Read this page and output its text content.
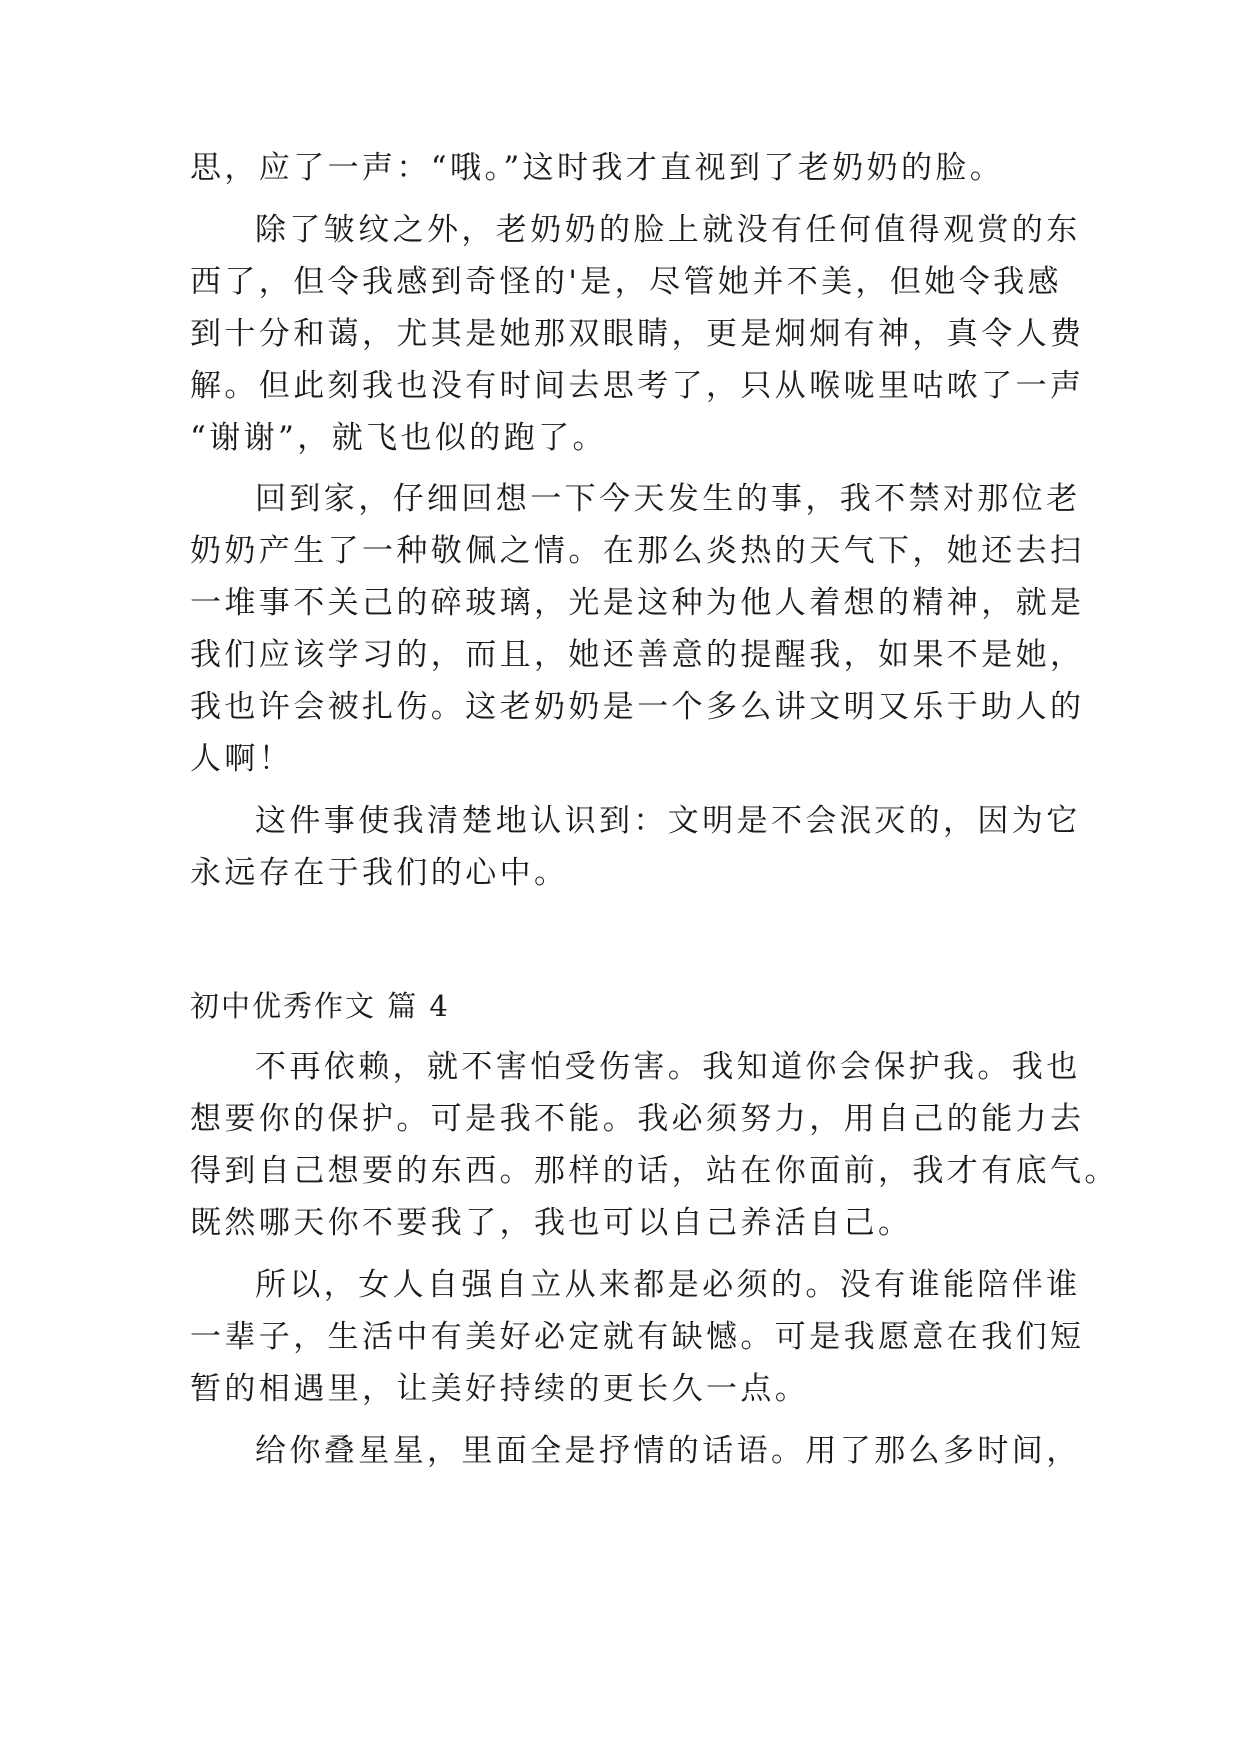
思，应了一声：“哦。”这时我才直视到了老奶奶的脸。
除了皱纹之外，老奶奶的脸上就没有任何值得观赏的东
西了，但令我感到奇怪的'是，尽管她并不美，但她令我感
到十分和蔼，尤其是她那双眼睛，更是炯炯有神，真令人费
解。但此刻我也没有时间去思考了，只从喉咙里咕哝了一声
“谢谢”，就飞也似的跑了。
回到家，仔细回想一下今天发生的事，我不禁对那位老
奶奶产生了一种敬佩之情。在那么炎热的天气下，她还去扫
一堆事不关己的碎玻璃，光是这种为他人着想的精神，就是
我们应该学习的，而且，她还善意的提醒我，如果不是她，
我也许会被扎伤。这老奶奶是一个多么讲文明又乐于助人的
人啊！
这件事使我清楚地认识到：文明是不会泯灭的，因为它
永远存在于我们的心中。
初中优秀作文 篇 4
不再依赖，就不害怕受伤害。我知道你会保护我。我也
想要你的保护。可是我不能。我必须努力，用自己的能力去
得到自己想要的东西。那样的话，站在你面前，我才有底气。
既然哪天你不要我了，我也可以自己养活自己。
所以，女人自强自立从来都是必须的。没有谁能陪伴谁
一辈子，生活中有美好必定就有缺憾。可是我愿意在我们短
暂的相遇里，让美好持续的更长久一点。
给你叠星星，里面全是抒情的话语。用了那么多时间，
